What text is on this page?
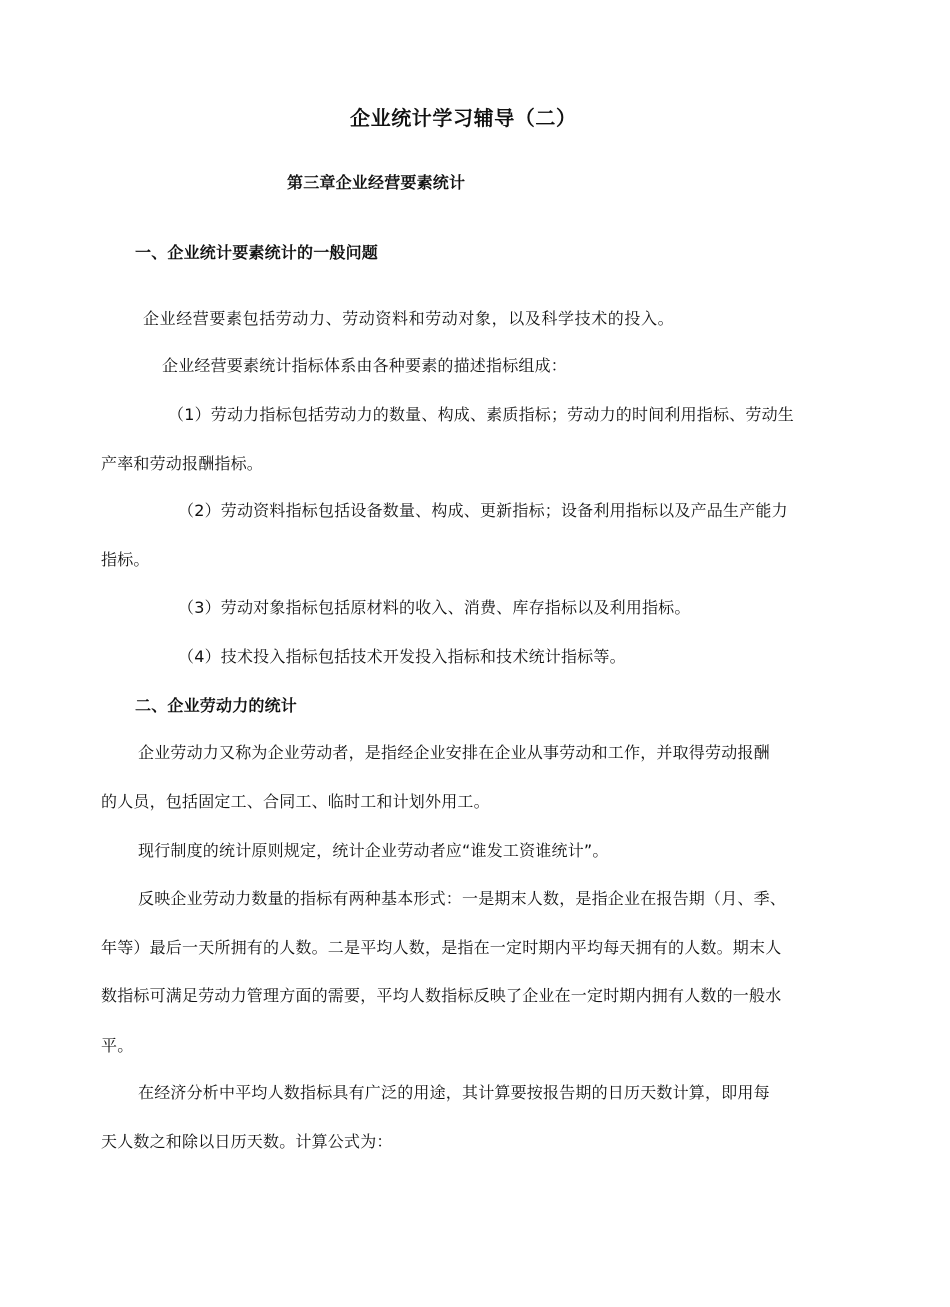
企业统计学习辅导（二）
第三章企业经营要素统计
一、企业统计要素统计的一般问题
企业经营要素包括劳动力、劳动资料和劳动对象，以及科学技术的投入。
企业经营要素统计指标体系由各种要素的描述指标组成：
（1）劳动力指标包括劳动力的数量、构成、素质指标；劳动力的时间利用指标、劳动生
产率和劳动报酬指标。
（2）劳动资料指标包括设备数量、构成、更新指标；设备利用指标以及产品生产能力
指标。
（3）劳动对象指标包括原材料的收入、消费、库存指标以及利用指标。
（4）技术投入指标包括技术开发投入指标和技术统计指标等。
二、企业劳动力的统计
企业劳动力又称为企业劳动者，是指经企业安排在企业从事劳动和工作，并取得劳动报酬
的人员，包括固定工、合同工、临时工和计划外用工。
现行制度的统计原则规定，统计企业劳动者应“谁发工资谁统计”。
反映企业劳动力数量的指标有两种基本形式：一是期末人数，是指企业在报告期（月、季、
年等）最后一天所拥有的人数。二是平均人数，是指在一定时期内平均每天拥有的人数。期末人
数指标可满足劳动力管理方面的需要，平均人数指标反映了企业在一定时期内拥有人数的一般水
平。
在经济分析中平均人数指标具有广泛的用途，其计算要按报告期的日历天数计算，即用每
天人数之和除以日历天数。计算公式为：
